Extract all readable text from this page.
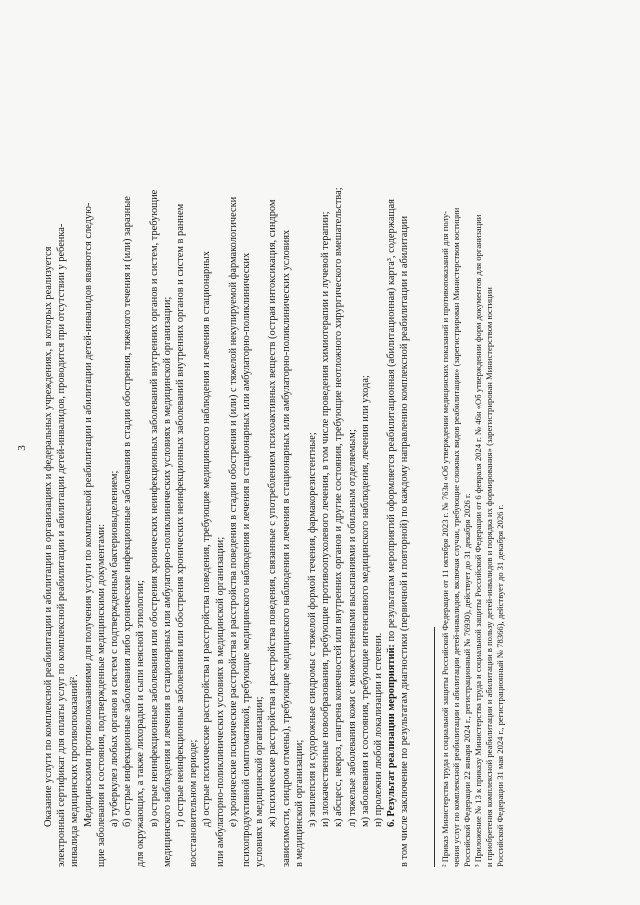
3 Оказание услуги по комплексной реабилитации и абилитации в организациях и федеральных учреждениях, в которых реализуется электронный сертификат для оплаты услуг по комплексной реабилитации и абилитации детей-инвалидов, проводится при отсутствии у ребенка- инвалида медицинских противопоказаний². Медицинскими противопоказаниями для получения услуги по комплексной реабилитации и абилитации детей-инвалидов являются следую- щие заболевания и состояния, подтвержденные медицинскими документами: а) туберкулез любых органов и систем с подтвержденным бактериовыделением; б) острые инфекционные заболевания либо хронические инфекционные заболевания в стадии обострения, тяжелого течения и (или) заразные для окружающих, а также лихорадки и сыпи неясной этиологии; в) острые неинфекционные заболевания или обострения хронических неинфекционных заболеваний внутренних органов и систем, требующие медицинского наблюдения и лечения в стационарных или амбулаторно-поликлинических условиях в медицинской организации; г) острые неинфекционные заболевания или обострения хронических неинфекционных заболеваний внутренних органов и систем в раннем восстановительном периоде; д) острые психические расстройства и расстройства поведения, требующие медицинского наблюдения и лечения в стационарных или амбулаторно-поликлинических условиях в медицинской организации; е) хронические психические расстройства и расстройства поведения в стадии обострения и (или) с тяжелой некупируемой фармакологически психопродуктивной симптоматикой, требующие медицинского наблюдения и лечения в стационарных или амбулаторно-поликлинических условиях в медицинской организации; ж) психические расстройства и расстройства поведения, связанные с употреблением психоактивных веществ (острая интоксикация, синдром зависимости, синдром отмены), требующие медицинского наблюдения и лечения в стационарных или амбулаторно-поликлинических условиях в медицинской организации; з) эпилепсия и судорожные синдромы с тяжелой формой течения, фармакорезистентные; и) злокачественные новообразования, требующие противоопухолевого лечения, в том числе проведения химиотерапии и лучевой терапии; к) абсцесс, некроз, гангрена конечностей или внутренних органов и другие состояния, требующие неотложного хирургического вмешательства; л) тяжелые заболевания кожи с множественными высыпаниями и обильным отделяемым; м) заболевания и состояния, требующие интенсивного медицинского наблюдения, лечения или ухода; н) пролежни любой локализации и степени. 6. Результат реализации мероприятий: по результатам мероприятий оформляется реабилитационная (абилитационная) карта³, содержащая в том числе заключение по результатам диагностики (первичной и повторной) по каждому направлению комплексной реабилитации и абилитации	² Приказ Министерства труда и социальной защиты Российской Федерации от 11 октября 2023 г. № 763н «Об утверждении медицинских показаний и противопоказаний для полу- чения услуг по комплексной реабилитации и абилитации детей-инвалидов, включая случаи, требующие сложных видов реабилитации» (зарегистрирован Министерством юстиции Российской Федерации 22 января 2024 г., регистрационный № 76930), действует до 31 декабря 2026 г. ³ Приложение № 13 к приказу Министерства труда и социальной защиты Российской Федерации от 6 февраля 2024 г. № 46н «Об утверждении форм документов для организации и приобретения комплексной реабилитации и абилитации в пользу детей-инвалидов и порядка их формирования» (зарегистрирован Министерством юстиции Российской Федерации 31 мая 2024 г., регистрационный № 78366), действует до 31 декабря 2026 г.
